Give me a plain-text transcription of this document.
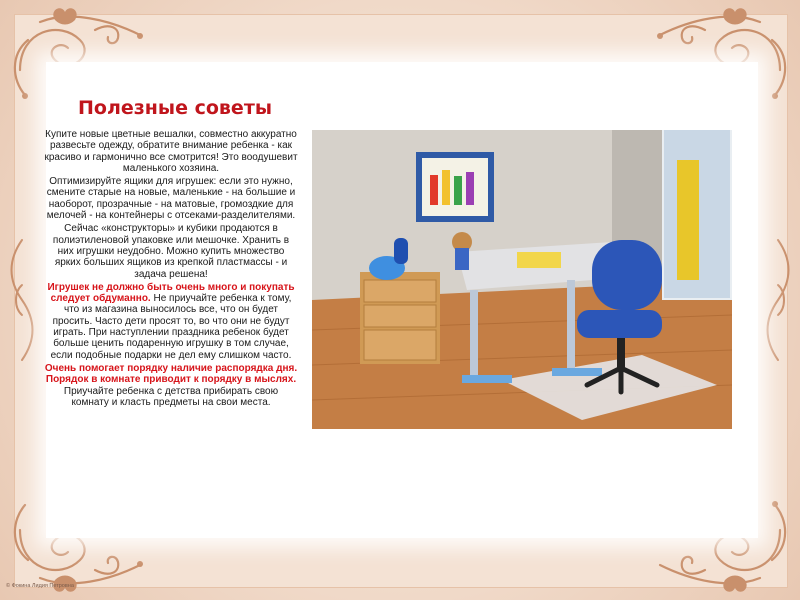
Полезные советы

Купите новые цветные вешалки, совместно аккуратно развесьте одежду, обратите внимание ребенка - как красиво и гармонично все смотрится! Это воодушевит маленького хозяина.

Оптимизируйте ящики для игрушек: если это нужно, смените старые на новые, маленькие - на большие и наоборот, прозрачные - на матовые, громоздкие для мелочей - на контейнеры с отсеками-разделителями.

Сейчас «конструкторы» и кубики продаются в полиэтиленовой упаковке или мешочке. Хранить в них игрушки неудобно. Можно купить множество ярких больших ящиков из крепкой пластмассы - и задача решена!

Игрушек не должно быть очень много и покупать следует обдуманно. Не приучайте ребенка к тому, что из магазина выносилось все, что он будет просить. Часто дети просят то, во что они не будут играть. При наступлении праздника ребенок будет больше ценить подаренную игрушку в том случае, если подобные подарки не дел ему слишком часто.

Очень помогает порядку наличие распорядка дня. Порядок в комнате приводит к порядку в мыслях. Приучайте ребенка с детства прибирать свою комнату и класть предметы на свои места.

© Фокина Лидия Петровна
